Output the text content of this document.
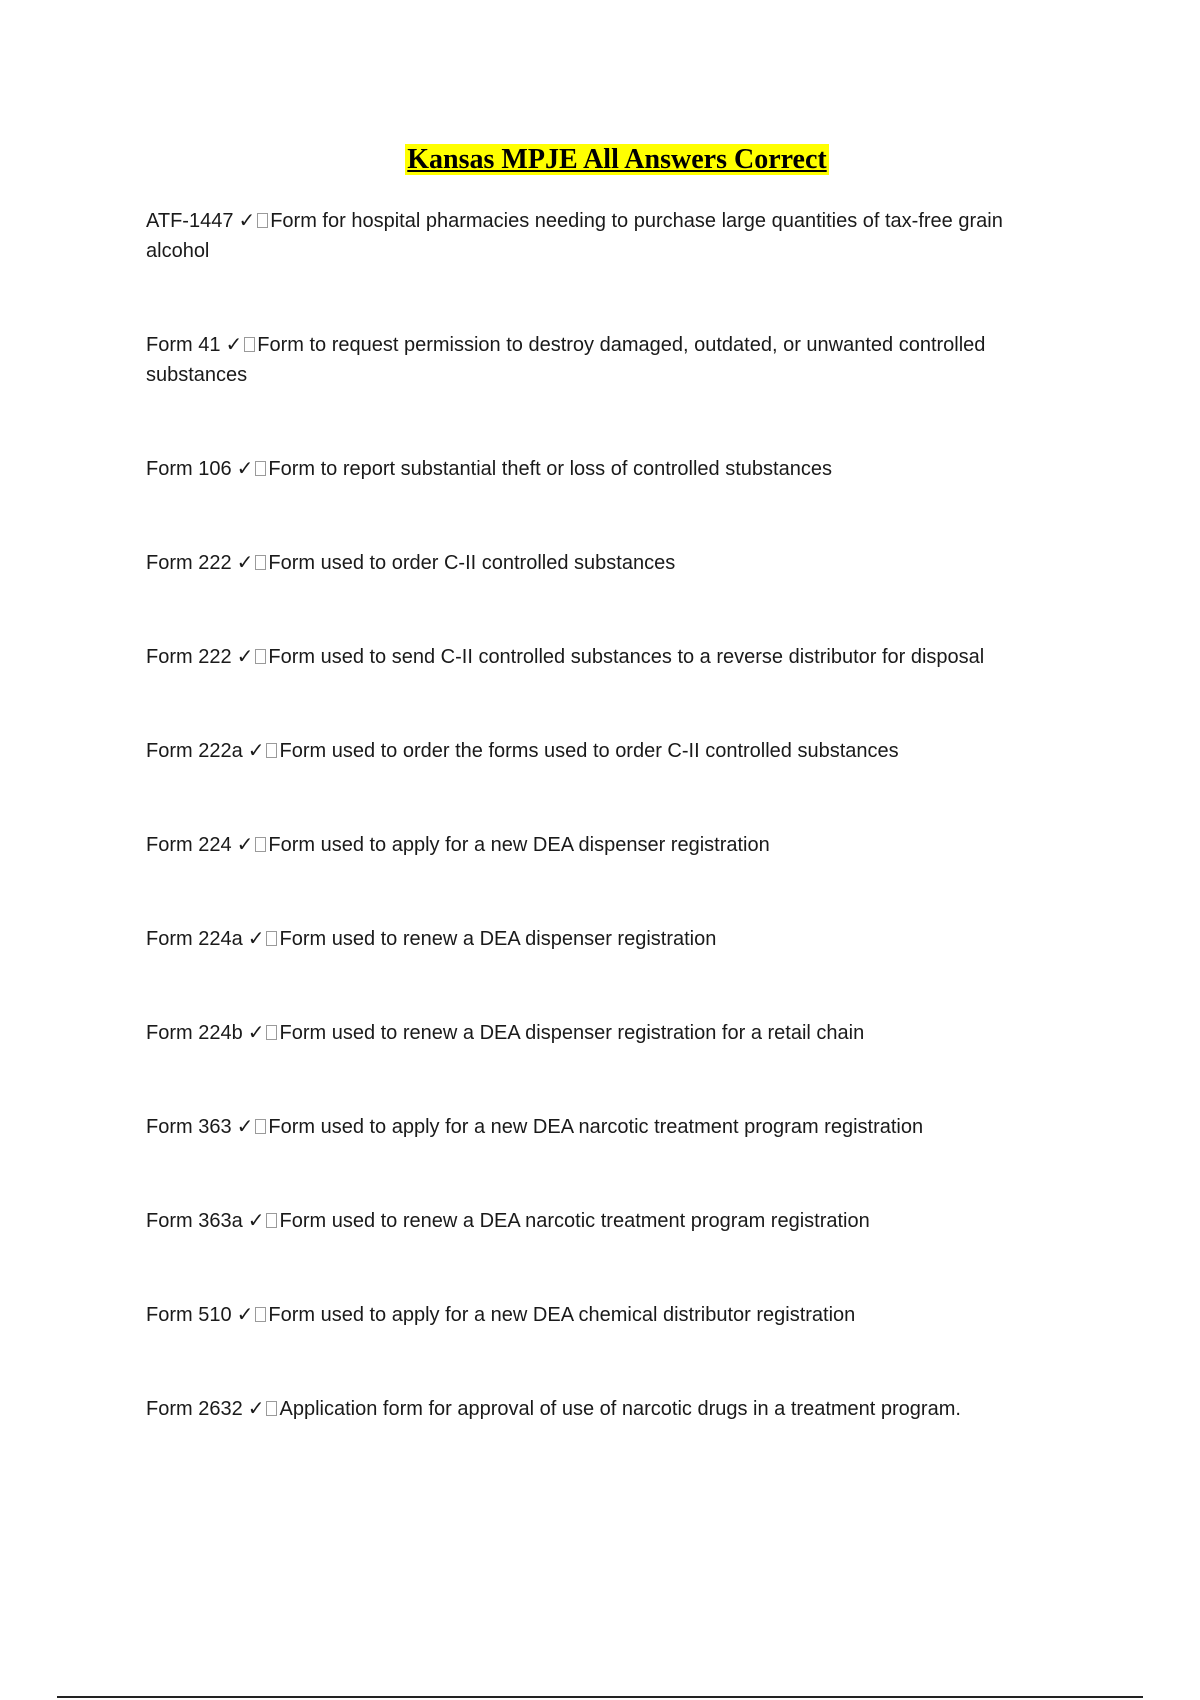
Kansas MPJE All Answers Correct

ATF-1447 ✓ Form for hospital pharmacies needing to purchase large quantities of tax-free grain alcohol

Form 41 ✓ Form to request permission to destroy damaged, outdated, or unwanted controlled substances

Form 106 ✓ Form to report substantial theft or loss of controlled stubstances

Form 222 ✓ Form used to order C-II controlled substances

Form 222 ✓ Form used to send C-II controlled substances to a reverse distributor for disposal

Form 222a ✓ Form used to order the forms used to order C-II controlled substances

Form 224 ✓ Form used to apply for a new DEA dispenser registration

Form 224a ✓ Form used to renew a DEA dispenser registration

Form 224b ✓ Form used to renew a DEA dispenser registration for a retail chain

Form 363 ✓ Form used to apply for a new DEA narcotic treatment program registration

Form 363a ✓ Form used to renew a DEA narcotic treatment program registration

Form 510 ✓ Form used to apply for a new DEA chemical distributor registration

Form 2632 ✓ Application form for approval of use of narcotic drugs in a treatment program.
